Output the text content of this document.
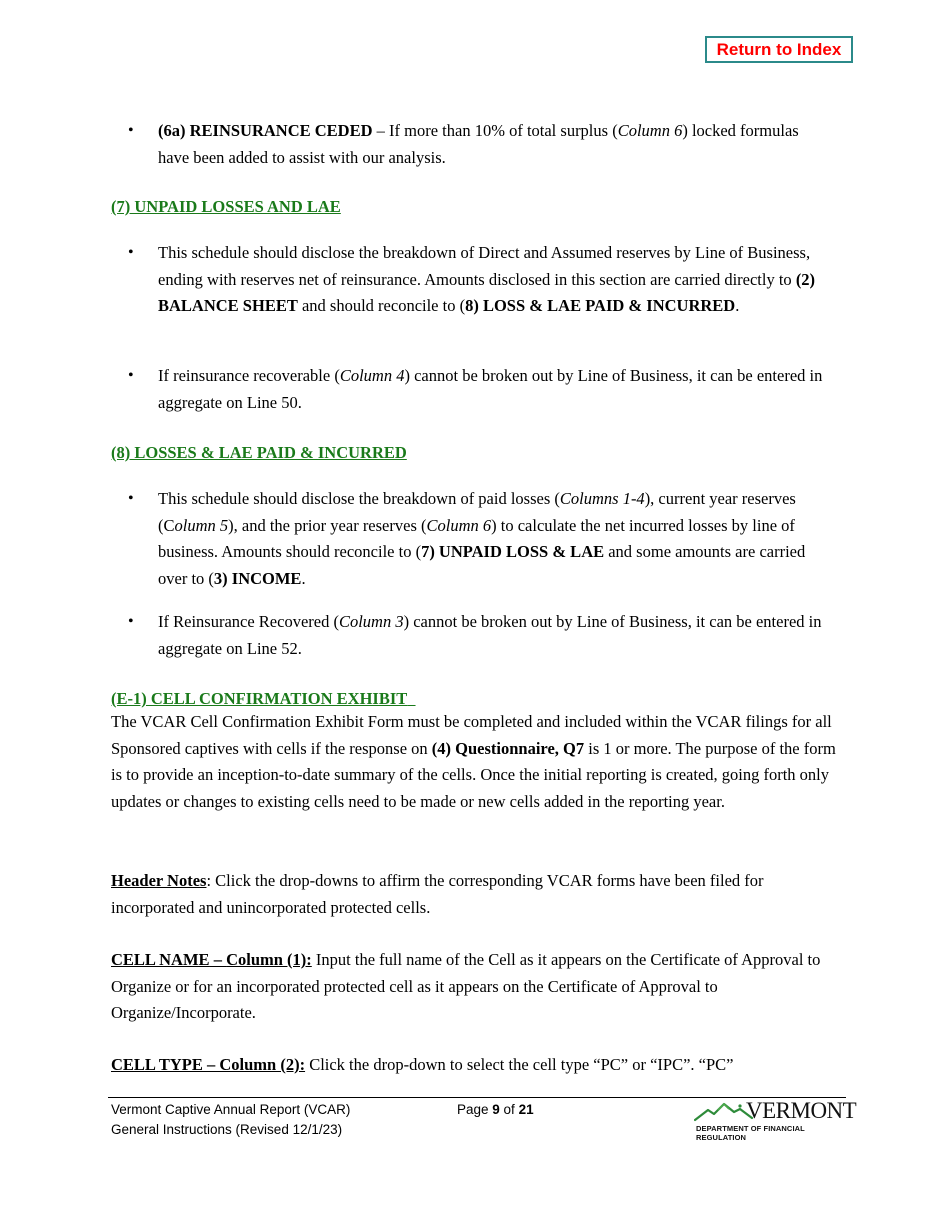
Return to Index
• (6a) REINSURANCE CEDED – If more than 10% of total surplus (Column 6) locked formulas have been added to assist with our analysis.
(7) UNPAID LOSSES AND LAE
• This schedule should disclose the breakdown of Direct and Assumed reserves by Line of Business, ending with reserves net of reinsurance. Amounts disclosed in this section are carried directly to (2) BALANCE SHEET and should reconcile to (8) LOSS & LAE PAID & INCURRED.
• If reinsurance recoverable (Column 4) cannot be broken out by Line of Business, it can be entered in aggregate on Line 50.
(8) LOSSES & LAE PAID & INCURRED
• This schedule should disclose the breakdown of paid losses (Columns 1-4), current year reserves (Column 5), and the prior year reserves (Column 6) to calculate the net incurred losses by line of business. Amounts should reconcile to (7) UNPAID LOSS & LAE and some amounts are carried over to (3) INCOME.
• If Reinsurance Recovered (Column 3) cannot be broken out by Line of Business, it can be entered in aggregate on Line 52.
(E-1) CELL CONFIRMATION EXHIBIT
The VCAR Cell Confirmation Exhibit Form must be completed and included within the VCAR filings for all Sponsored captives with cells if the response on (4) Questionnaire, Q7 is 1 or more. The purpose of the form is to provide an inception-to-date summary of the cells. Once the initial reporting is created, going forth only updates or changes to existing cells need to be made or new cells added in the reporting year.
Header Notes: Click the drop-downs to affirm the corresponding VCAR forms have been filed for incorporated and unincorporated protected cells.
CELL NAME – Column (1): Input the full name of the Cell as it appears on the Certificate of Approval to Organize or for an incorporated protected cell as it appears on the Certificate of Approval to Organize/Incorporate.
CELL TYPE – Column (2): Click the drop-down to select the cell type “PC” or “IPC”. “PC”
Vermont Captive Annual Report (VCAR)
General Instructions (Revised 12/1/23)
Page 9 of 21	VERMONT
DEPARTMENT OF FINANCIAL REGULATION
